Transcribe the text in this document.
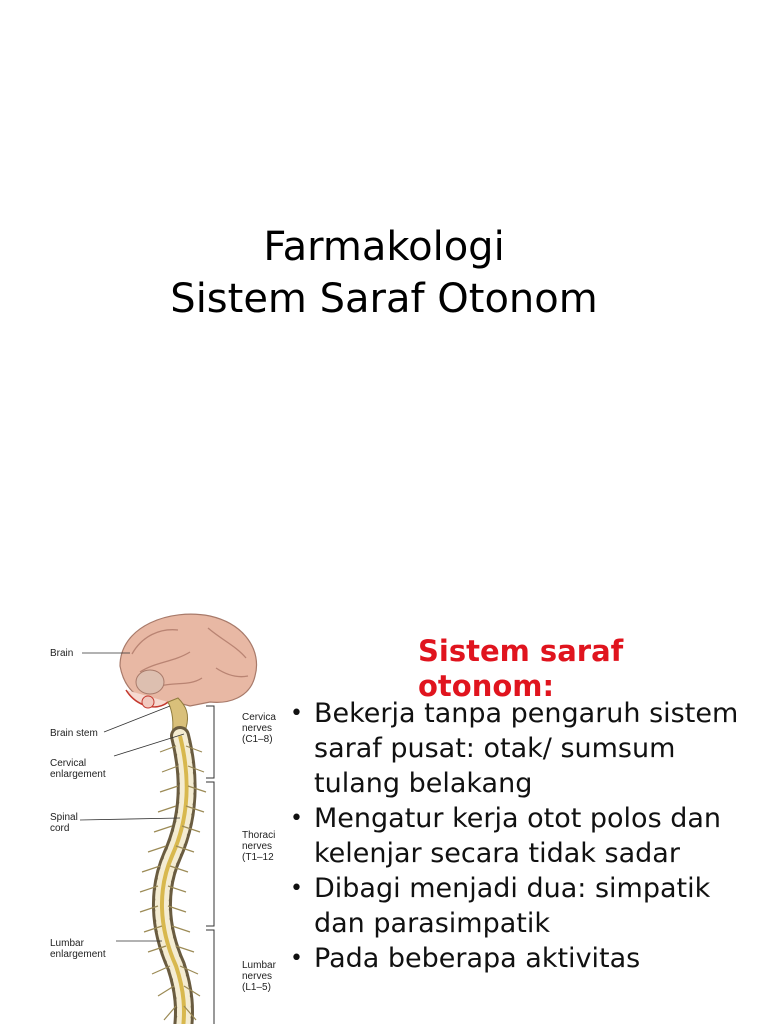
Farmakologi
Sistem Saraf Otonom
Brain
Brain stem
Cervical
enlargement
Spinal
cord
Lumbar
enlargement
Cervica
nerves
(C1–8)
Thoraci
nerves
(T1–12
Lumbar
nerves
(L1–5)
Sistem saraf otonom:
• Bekerja tanpa pengaruh sistem saraf pusat: otak/ sumsum tulang belakang
• Mengatur kerja otot polos dan kelenjar secara tidak sadar
• Dibagi menjadi dua: simpatik dan parasimpatik
• Pada beberapa aktivitas
